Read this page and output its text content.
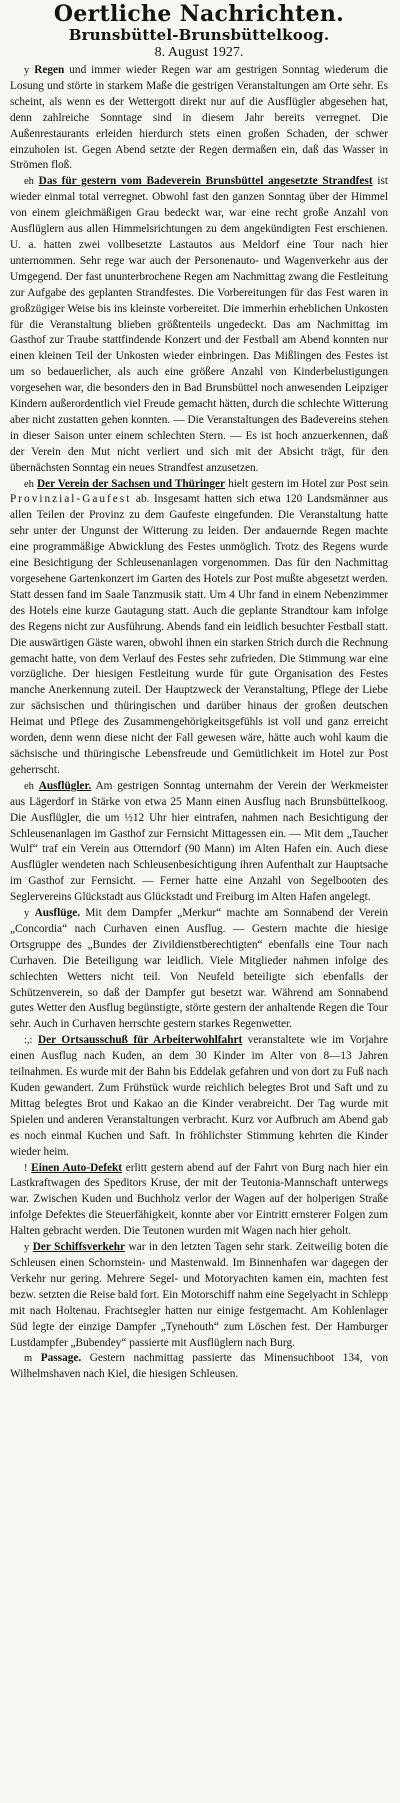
Oertliche Nachrichten.
Brunsbüttel-Brunsbüttelkoog.
8. August 1927.

y Regen und immer wieder Regen war am gestrigen Sonntag wiederum die Losung und störte in starkem Maße die gestrigen Veranstaltungen am Orte sehr. Es scheint, als wenn es der Wettergott direkt nur auf die Ausflügler abgesehen hat, denn zahlreiche Sonntage sind in diesem Jahr bereits verregnet. Die Außenrestaurants erleiden hierdurch stets einen großen Schaden, der schwer einzuholen ist. Gegen Abend setzte der Regen dermaßen ein, daß das Wasser in Strömen floß.

eh Das für gestern vom Badeverein Brunsbüttel angesetzte Strandfest ist wieder einmal total verregnet. Obwohl fast den ganzen Sonntag über der Himmel von einem gleichmäßigen Grau bedeckt war, war eine recht große Anzahl von Ausflüglern aus allen Himmelsrichtungen zu dem angekündigten Fest erschienen. U. a. hatten zwei vollbesetzte Lastautos aus Meldorf eine Tour nach hier unternommen. Sehr rege war auch der Personenauto- und Wagenverkehr aus der Umgegend. Der fast ununterbrochene Regen am Nachmittag zwang die Festleitung zur Aufgabe des geplanten Strandfestes. Die Vorbereitungen für das Fest waren in großzügiger Weise bis ins kleinste vorbereitet. Die immerhin erheblichen Unkosten für die Veranstaltung blieben größtenteils ungedeckt. Das am Nachmittag im Gasthof zur Traube stattfindende Konzert und der Festball am Abend konnten nur einen kleinen Teil der Unkosten wieder einbringen. Das Mißlingen des Festes ist um so bedauerlicher, als auch eine größere Anzahl von Kinderbelustigungen vorgesehen war, die besonders den in Bad Brunsbüttel noch anwesenden Leipziger Kindern außerordentlich viel Freude gemacht hätten, durch die schlechte Witterung aber nicht zustatten gehen konnten. — Die Veranstaltungen des Badevereins stehen in dieser Saison unter einem schlechten Stern. — Es ist hoch anzuerkennen, daß der Verein den Mut nicht verliert und sich mit der Absicht trägt, für den übernächsten Sonntag ein neues Strandfest anzusetzen.

eh Der Verein der Sachsen und Thüringer hielt gestern im Hotel zur Post sein Provinzial-Gaufest ab. Insgesamt hatten sich etwa 120 Landsmänner aus allen Teilen der Provinz zu dem Gaufeste eingefunden. Die Veranstaltung hatte sehr unter der Ungunst der Witterung zu leiden. Der andauernde Regen machte eine programmäßige Abwicklung des Festes unmöglich. Trotz des Regens wurde eine Besichtigung der Schleusenanlagen vorgenommen. Das für den Nachmittag vorgesehene Gartenkonzert im Garten des Hotels zur Post mußte abgesetzt werden. Statt dessen fand im Saale Tanzmusik statt. Um 4 Uhr fand in einem Nebenzimmer des Hotels eine kurze Gautagung statt. Auch die geplante Strandtour kam infolge des Regens nicht zur Ausführung. Abends fand ein leidlich besuchter Festball statt. Die auswärtigen Gäste waren, obwohl ihnen ein starken Strich durch die Rechnung gemacht hatte, von dem Verlauf des Festes sehr zufrieden. Die Stimmung war eine vorzügliche. Der hiesigen Festleitung wurde für gute Organisation des Festes manche Anerkennung zuteil. Der Hauptzweck der Veranstaltung, Pflege der Liebe zur sächsischen und thüringischen und darüber hinaus der großen deutschen Heimat und Pflege des Zusammengehörigkeitsgefühls ist voll und ganz erreicht worden, denn wenn diese nicht der Fall gewesen wäre, hätte auch wohl kaum die sächsische und thüringische Lebensfreude und Gemütlichkeit im Hotel zur Post geherrscht.

eh Ausflügler. Am gestrigen Sonntag unternahm der Verein der Werkmeister aus Lägerdorf in Stärke von etwa 25 Mann einen Ausflug nach Brunsbüttelkoog. Die Ausflügler, die um ½12 Uhr hier eintrafen, nahmen nach Besichtigung der Schleusenanlagen im Gasthof zur Fernsicht Mittagessen ein. — Mit dem „Taucher Wulf“ traf ein Verein aus Otterndorf (90 Mann) im Alten Hafen ein. Auch diese Ausflügler wendeten nach Schleusenbesichtigung ihren Aufenthalt zur Hauptsache im Gasthof zur Fernsicht. — Ferner hatte eine Anzahl von Segelbooten des Seglervereins Glückstadt aus Glückstadt und Freiburg im Alten Hafen angelegt.

y Ausflüge. Mit dem Dampfer „Merkur“ machte am Sonnabend der Verein „Concordia“ nach Curhaven einen Ausflug. — Gestern machte die hiesige Ortsgruppe des „Bundes der Zivildienstberechtigten“ ebenfalls eine Tour nach Curhaven. Die Beteiligung war leidlich. Viele Mitglieder nahmen infolge des schlechten Wetters nicht teil. Von Neufeld beteiligte sich ebenfalls der Schützenverein, so daß der Dampfer gut besetzt war. Während am Sonnabend gutes Wetter den Ausflug begünstigte, störte gestern der anhaltende Regen die Tour sehr. Auch in Curhaven herrschte gestern starkes Regenwetter.

:,: Der Ortsausschuß für Arbeiterwohlfahrt veranstaltete wie im Vorjahre einen Ausflug nach Kuden, an dem 30 Kinder im Alter von 8—13 Jahren teilnahmen. Es wurde mit der Bahn bis Eddelak gefahren und von dort zu Fuß nach Kuden gewandert. Zum Frühstück wurde reichlich belegtes Brot und Saft und zu Mittag belegtes Brot und Kakao an die Kinder verabreicht. Der Tag wurde mit Spielen und anderen Veranstaltungen verbracht. Kurz vor Aufbruch am Abend gab es noch einmal Kuchen und Saft. In fröhlichster Stimmung kehrten die Kinder wieder heim.

! Einen Auto-Defekt erlitt gestern abend auf der Fahrt von Burg nach hier ein Lastkraftwagen des Speditors Kruse, der mit der Teutonia-Mannschaft unterwegs war. Zwischen Kuden und Buchholz verlor der Wagen auf der holperigen Straße infolge Defektes die Steuerfähigkeit, konnte aber vor Eintritt ernsterer Folgen zum Halten gebracht werden. Die Teutonen wurden mit Wagen nach hier geholt.

y Der Schiffsverkehr war in den letzten Tagen sehr stark. Zeitweilig boten die Schleusen einen Schornstein- und Mastenwald. Im Binnenhafen war dagegen der Verkehr nur gering. Mehrere Segel- und Motoryachten kamen ein, machten fest bezw. setzten die Reise bald fort. Ein Motorschiff nahm eine Segelyacht in Schlepp mit nach Holtenau. Frachtsegler hatten nur einige festgemacht. Am Kohlenlager Süd legte der einzige Dampfer „Tynehouth“ zum Löschen fest. Der Hamburger Lustdampfer „Bubendey“ passierte mit Ausflüglern nach Burg.

m Passage. Gestern nachmittag passierte das Minensuchboot 134, von Wilhelmshaven nach Kiel, die hiesigen Schleusen.
